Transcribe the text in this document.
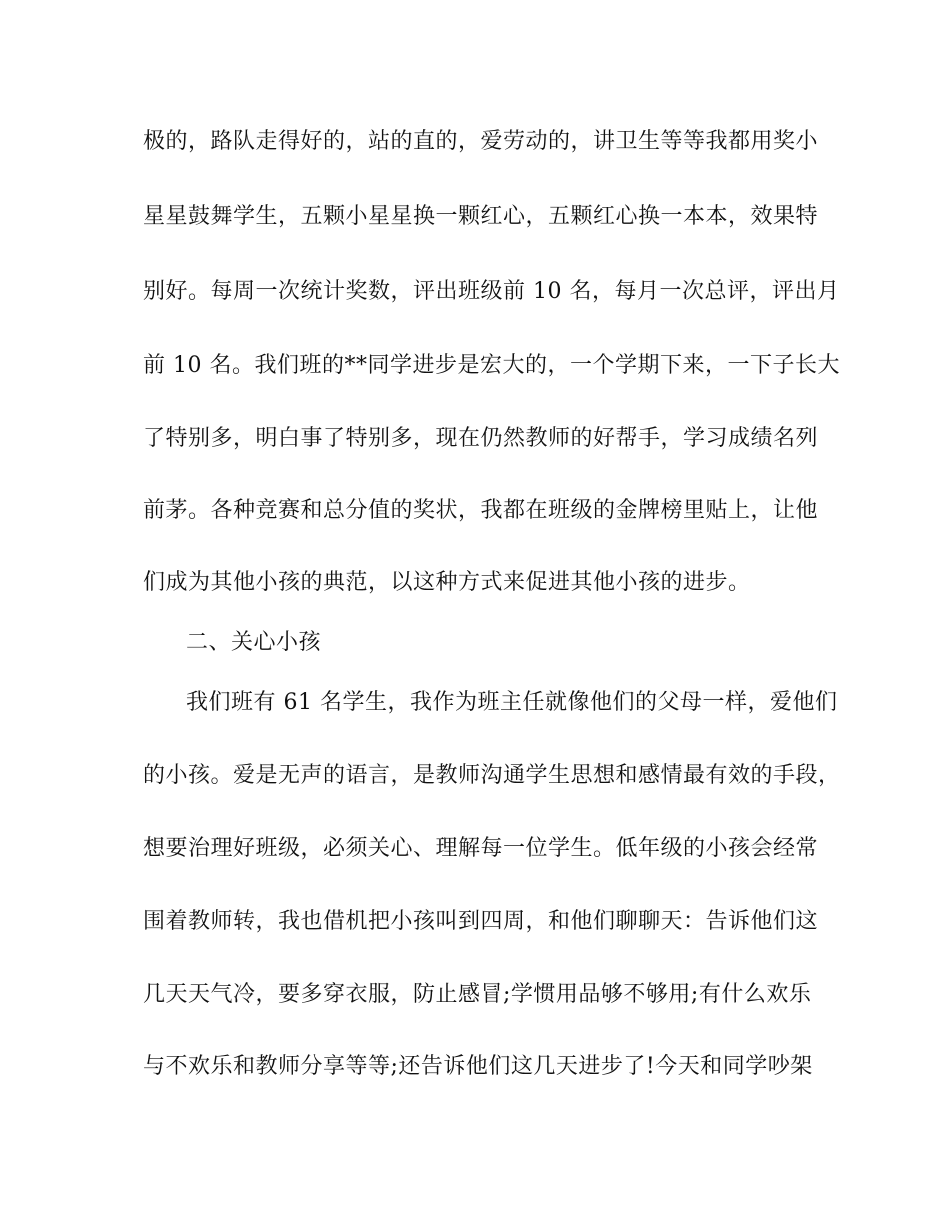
极的，路队走得好的，站的直的，爱劳动的，讲卫生等等我都用奖小
星星鼓舞学生，五颗小星星换一颗红心，五颗红心换一本本，效果特
别好。每周一次统计奖数，评出班级前 10 名，每月一次总评，评出月
前 10 名。我们班的**同学进步是宏大的，一个学期下来，一下子长大
了特别多，明白事了特别多，现在仍然教师的好帮手，学习成绩名列
前茅。各种竞赛和总分值的奖状，我都在班级的金牌榜里贴上，让他
们成为其他小孩的典范，以这种方式来促进其他小孩的进步。
二、关心小孩
我们班有 61 名学生，我作为班主任就像他们的父母一样，爱他们
的小孩。爱是无声的语言，是教师沟通学生思想和感情最有效的手段，
想要治理好班级，必须关心、理解每一位学生。低年级的小孩会经常
围着教师转，我也借机把小孩叫到四周，和他们聊聊天：告诉他们这
几天天气冷，要多穿衣服，防止感冒;学惯用品够不够用;有什么欢乐
与不欢乐和教师分享等等;还告诉他们这几天进步了!今天和同学吵架
